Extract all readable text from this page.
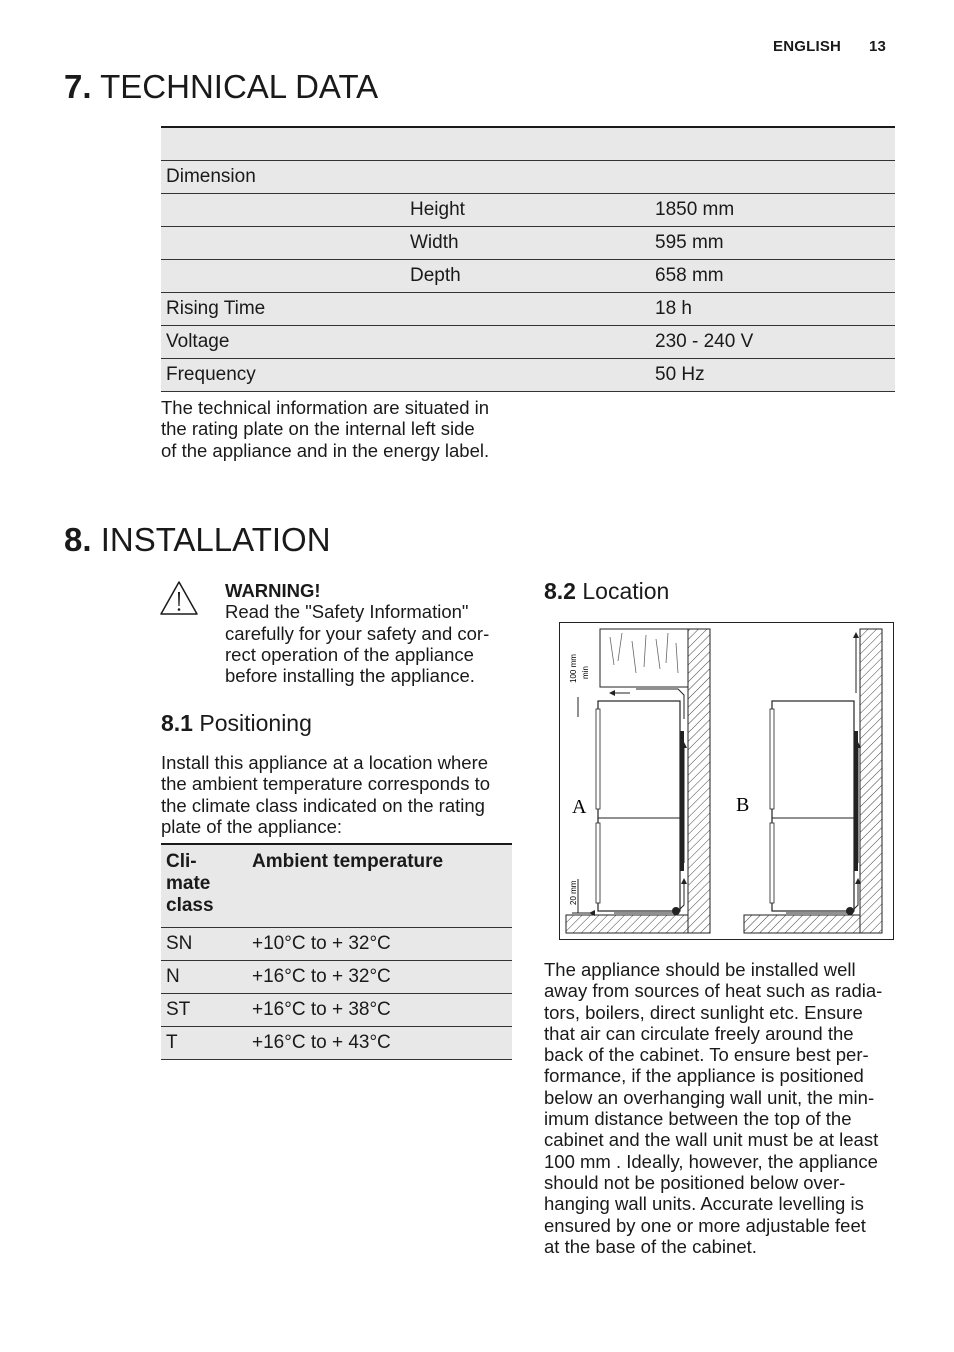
ENGLISH 13
7. TECHNICAL DATA

Dimension		
	Height	1850 mm
	Width	595 mm
	Depth	658 mm
Rising Time		18 h
Voltage		230 - 240 V
Frequency		50 Hz
The technical information are situated in
the rating plate on the internal left side
of the appliance and in the energy label.
8. INSTALLATION
WARNING!
Read the "Safety Information"
carefully for your safety and cor-
rect operation of the appliance
before installing the appliance.
8.1 Positioning
Install this appliance at a location where
the ambient temperature corresponds to
the climate class indicated on the rating
plate of the appliance:
Cli-
mate
class	Ambient temperature
SN	+10°C to + 32°C
N	+16°C to + 32°C
ST	+16°C to + 38°C
T	+16°C to + 43°C
8.2 Location
100 mm min
20 mm
A	B
The appliance should be installed well
away from sources of heat such as radia-
tors, boilers, direct sunlight etc. Ensure
that air can circulate freely around the
back of the cabinet. To ensure best per-
formance, if the appliance is positioned
below an overhanging wall unit, the min-
imum distance between the top of the
cabinet and the wall unit must be at least
100 mm . Ideally, however, the appliance
should not be positioned below over-
hanging wall units. Accurate levelling is
ensured by one or more adjustable feet
at the base of the cabinet.
